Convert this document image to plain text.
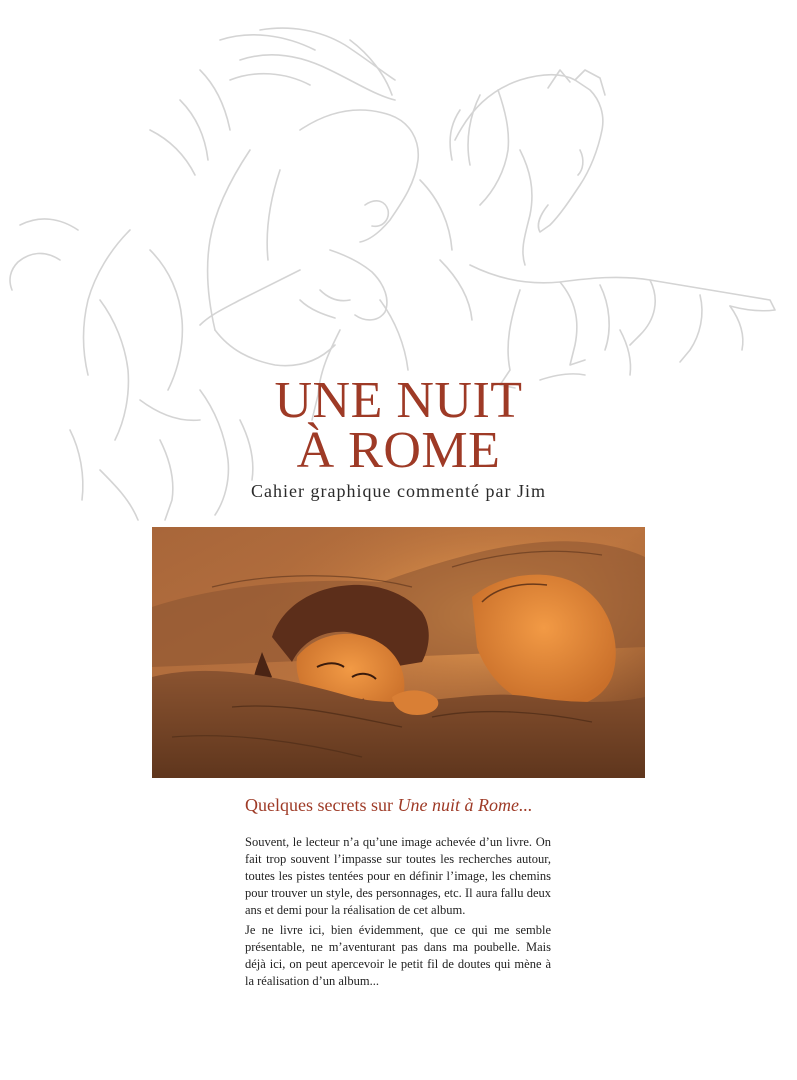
UNE NUIT
À ROME
Cahier graphique commenté par Jim
Quelques secrets sur Une nuit à Rome...

Souvent, le lecteur n’a qu’une image achevée d’un livre. On fait trop souvent l’impasse sur toutes les recherches autour, toutes les pistes tentées pour en définir l’image, les chemins pour trouver un style, des personnages, etc. Il aura fallu deux ans et demi pour la réalisation de cet album.

Je ne livre ici, bien évidemment, que ce qui me semble présentable, ne m’aventurant pas dans ma poubelle. Mais déjà ici, on peut apercevoir le petit fil de doutes qui mène à la réalisation d’un album...
